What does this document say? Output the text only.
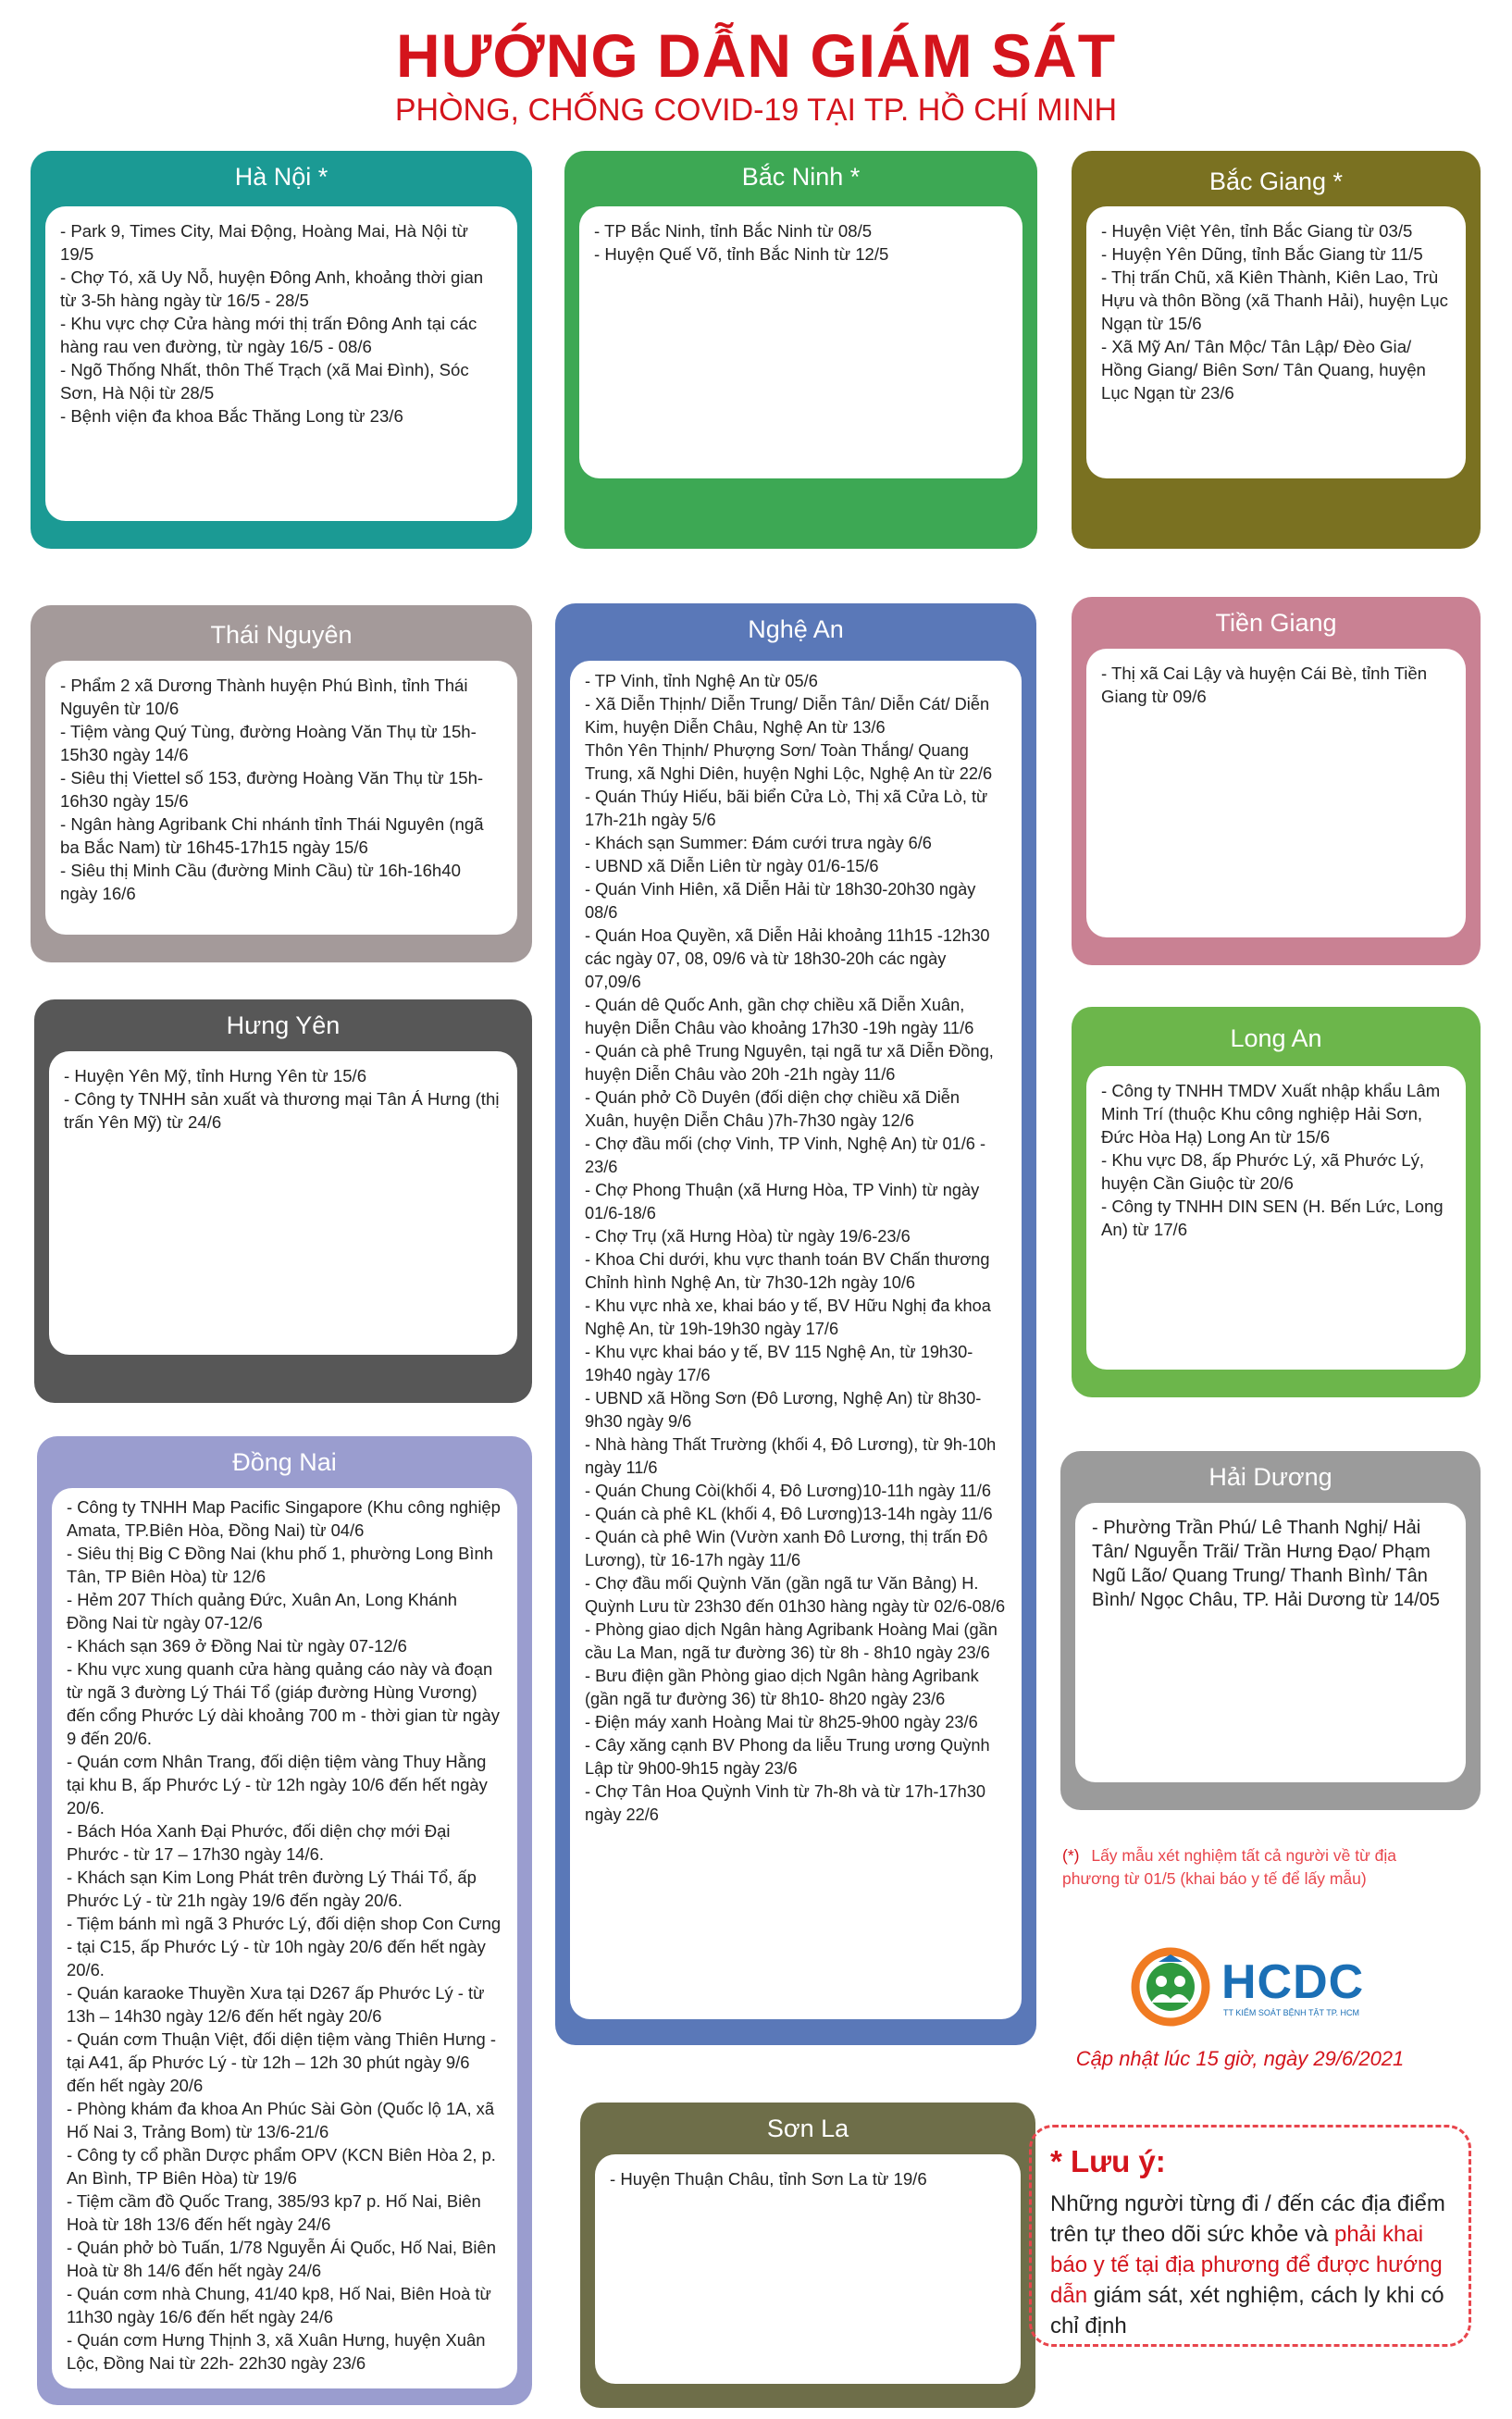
HƯỚNG DẪN GIÁM SÁT
PHÒNG, CHỐNG COVID-19 TẠI TP. HỒ CHÍ MINH
Hà Nội *
- Park 9, Times City, Mai Động, Hoàng Mai, Hà Nội từ 19/5
- Chợ Tó, xã Uy Nỗ, huyện Đông Anh, khoảng thời gian từ 3-5h hàng ngày từ 16/5 - 28/5
- Khu vực chợ Cửa hàng mới thị trấn Đông Anh tại các hàng rau ven đường, từ ngày 16/5 - 08/6
- Ngõ Thống Nhất, thôn Thế Trạch (xã Mai Đình), Sóc Sơn, Hà Nội từ 28/5
- Bệnh viện đa khoa Bắc Thăng Long từ 23/6
Bắc Ninh *
- TP Bắc Ninh, tỉnh Bắc Ninh từ 08/5
- Huyện Quế Võ, tỉnh Bắc Ninh từ 12/5
Bắc Giang *
- Huyện Việt Yên, tỉnh Bắc Giang từ 03/5
- Huyện Yên Dũng, tỉnh Bắc Giang từ 11/5
- Thị trấn Chũ, xã Kiên Thành, Kiên Lao, Trù Hựu và thôn Bồng (xã Thanh Hải), huyện Lục Ngạn từ 15/6
- Xã Mỹ An/ Tân Mộc/ Tân Lập/ Đèo Gia/ Hồng Giang/ Biên Sơn/ Tân Quang, huyện Lục Ngạn từ 23/6
Thái Nguyên
- Phẩm 2 xã Dương Thành huyện Phú Bình, tỉnh Thái Nguyên từ 10/6
- Tiệm vàng Quý Tùng, đường Hoàng Văn Thụ từ 15h-15h30 ngày 14/6
- Siêu thị Viettel số 153, đường Hoàng Văn Thụ từ 15h-16h30 ngày 15/6
- Ngân hàng Agribank Chi nhánh tỉnh Thái Nguyên (ngã ba Bắc Nam) từ 16h45-17h15 ngày 15/6
- Siêu thị Minh Cầu (đường Minh Cầu) từ 16h-16h40 ngày 16/6
Nghệ An
- TP Vinh, tỉnh Nghệ An từ 05/6
- Xã Diễn Thịnh/ Diễn Trung/ Diễn Tân/ Diễn Cát/ Diễn Kim, huyện Diễn Châu, Nghệ An từ 13/6
Thôn Yên Thịnh/ Phượng Sơn/ Toàn Thắng/ Quang Trung, xã Nghi Diên, huyện Nghi Lộc, Nghệ An từ 22/6
- Quán Thúy Hiếu, bãi biển Cửa Lò, Thị xã Cửa Lò, từ 17h-21h ngày 5/6
- Khách sạn Summer: Đám cưới trưa ngày 6/6
- UBND xã Diễn Liên từ ngày 01/6-15/6
- Quán Vinh Hiên, xã Diễn Hải từ 18h30-20h30 ngày 08/6
- Quán Hoa Quyền, xã Diễn Hải khoảng 11h15 -12h30 các ngày 07, 08, 09/6 và từ 18h30-20h các ngày 07,09/6
- Quán dê Quốc Anh, gần chợ chiều xã Diễn Xuân, huyện Diễn Châu vào khoảng 17h30 -19h ngày 11/6
- Quán cà phê Trung Nguyên, tại ngã tư xã Diễn Đồng, huyện Diễn Châu vào 20h -21h ngày 11/6
- Quán phở Cồ Duyên (đối diện chợ chiều xã Diễn Xuân, huyện Diễn Châu )7h-7h30 ngày 12/6
- Chợ đầu mối (chợ Vinh, TP Vinh, Nghệ An) từ 01/6 - 23/6
- Chợ Phong Thuận (xã Hưng Hòa, TP Vinh) từ ngày 01/6-18/6
- Chợ Trụ (xã Hưng Hòa) từ ngày 19/6-23/6
- Khoa Chi dưới, khu vực thanh toán BV Chấn thương Chỉnh hình Nghệ An, từ 7h30-12h ngày 10/6
- Khu vực nhà xe, khai báo y tế, BV Hữu Nghị đa khoa Nghệ An, từ 19h-19h30 ngày 17/6
- Khu vực khai báo y tế, BV 115 Nghệ An, từ 19h30-19h40 ngày 17/6
- UBND xã Hồng Sơn (Đô Lương, Nghệ An) từ 8h30-9h30 ngày 9/6
- Nhà hàng Thất Trường (khối 4, Đô Lương), từ 9h-10h ngày 11/6
- Quán Chung Còi(khối 4, Đô Lương)10-11h ngày 11/6
- Quán cà phê KL (khối 4, Đô Lương)13-14h ngày 11/6
- Quán cà phê Win (Vườn xanh Đô Lương, thị trấn Đô Lương), từ 16-17h ngày 11/6
- Chợ đầu mối Quỳnh Văn (gần ngã tư Văn Bảng) H. Quỳnh Lưu từ 23h30 đến 01h30 hàng ngày từ 02/6-08/6
- Phòng giao dịch Ngân hàng Agribank Hoàng Mai (gần cầu La Man, ngã tư đường 36) từ 8h - 8h10 ngày 23/6
- Bưu điện gần Phòng giao dịch Ngân hàng Agribank (gần ngã tư đường 36) từ 8h10- 8h20 ngày 23/6
- Điện máy xanh Hoàng Mai từ 8h25-9h00 ngày 23/6
- Cây xăng cạnh BV Phong da liễu Trung ương Quỳnh Lập từ 9h00-9h15 ngày 23/6
- Chợ Tân Hoa Quỳnh Vinh từ 7h-8h và từ 17h-17h30 ngày 22/6
Tiền Giang
- Thị xã Cai Lậy và huyện Cái Bè, tỉnh Tiền Giang từ 09/6
Hưng Yên
- Huyện Yên Mỹ, tỉnh Hưng Yên từ 15/6
- Công ty TNHH sản xuất và thương mại Tân Á Hưng (thị trấn Yên Mỹ) từ 24/6
Long An
- Công ty TNHH TMDV Xuất nhập khẩu Lâm Minh Trí (thuộc Khu công nghiệp Hải Sơn, Đức Hòa Hạ) Long An từ 15/6
- Khu vực D8, ấp Phước Lý, xã Phước Lý, huyện Cần Giuộc từ 20/6
- Công ty TNHH DIN SEN (H. Bến Lức, Long An) từ 17/6
Đồng Nai
- Công ty TNHH Map Pacific Singapore (Khu công nghiệp Amata, TP.Biên Hòa, Đồng Nai) từ 04/6
- Siêu thị Big C Đồng Nai (khu phố 1, phường Long Bình Tân, TP Biên Hòa) từ 12/6
- Hẻm 207 Thích quảng Đức, Xuân An, Long Khánh Đồng Nai từ ngày 07-12/6
- Khách sạn 369 ở Đồng Nai từ ngày 07-12/6
- Khu vực xung quanh cửa hàng quảng cáo này và đoạn từ ngã 3 đường Lý Thái Tổ (giáp đường Hùng Vương) đến cổng Phước Lý dài khoảng 700 m - thời gian từ ngày 9 đến 20/6.
- Quán cơm Nhân Trang, đối diện tiệm vàng Thuy Hằng tại khu B, ấp Phước Lý - từ 12h ngày 10/6 đến hết ngày 20/6.
- Bách Hóa Xanh Đại Phước, đối diện chợ mới Đại Phước - từ 17 – 17h30 ngày 14/6.
- Khách sạn Kim Long Phát trên đường Lý Thái Tổ, ấp Phước Lý - từ 21h ngày 19/6 đến ngày 20/6.
- Tiệm bánh mì ngã 3 Phước Lý, đối diện shop Con Cưng - tại C15, ấp Phước Lý - từ 10h ngày 20/6 đến hết ngày 20/6.
- Quán karaoke Thuyền Xưa tại D267 ấp Phước Lý - từ 13h – 14h30 ngày 12/6 đến hết ngày 20/6
- Quán cơm Thuận Việt, đối diện tiệm vàng Thiên Hưng - tại A41, ấp Phước Lý - từ 12h – 12h 30 phút ngày 9/6 đến hết ngày 20/6
- Phòng khám đa khoa An Phúc Sài Gòn (Quốc lộ 1A, xã Hố Nai 3, Trảng Bom) từ 13/6-21/6
- Công ty cổ phần Dược phẩm OPV (KCN Biên Hòa 2, p. An Bình, TP Biên Hòa) từ 19/6
- Tiệm cầm đồ Quốc Trang, 385/93 kp7 p. Hố Nai, Biên Hoà từ 18h 13/6 đến hết ngày 24/6
- Quán phở bò Tuấn, 1/78 Nguyễn Ái Quốc, Hố Nai, Biên Hoà từ 8h 14/6 đến hết ngày 24/6
- Quán cơm nhà Chung, 41/40 kp8, Hố Nai, Biên Hoà từ 11h30 ngày 16/6 đến hết ngày 24/6
- Quán cơm Hưng Thịnh 3, xã Xuân Hưng, huyện Xuân Lộc, Đồng Nai từ 22h- 22h30 ngày 23/6
Hải Dương
- Phường Trần Phú/ Lê Thanh Nghị/ Hải Tân/ Nguyễn Trãi/ Trần Hưng Đạo/ Phạm Ngũ Lão/ Quang Trung/ Thanh Bình/ Tân Bình/ Ngọc Châu, TP. Hải Dương từ 14/05
Sơn La
- Huyện Thuận Châu, tỉnh Sơn La từ 19/6
(*) Lấy mẫu xét nghiệm tất cả người về từ địa phương từ 01/5 (khai báo y tế để lấy mẫu)
HCDC
TT KIỂM SOÁT BỆNH TẬT TP. HCM
Cập nhật lúc 15 giờ, ngày 29/6/2021
* Lưu ý:
Những người từng đi / đến các địa điểm trên tự theo dõi sức khỏe và phải khai báo y tế tại địa phương để được hướng dẫn giám sát, xét nghiệm, cách ly khi có chỉ định
